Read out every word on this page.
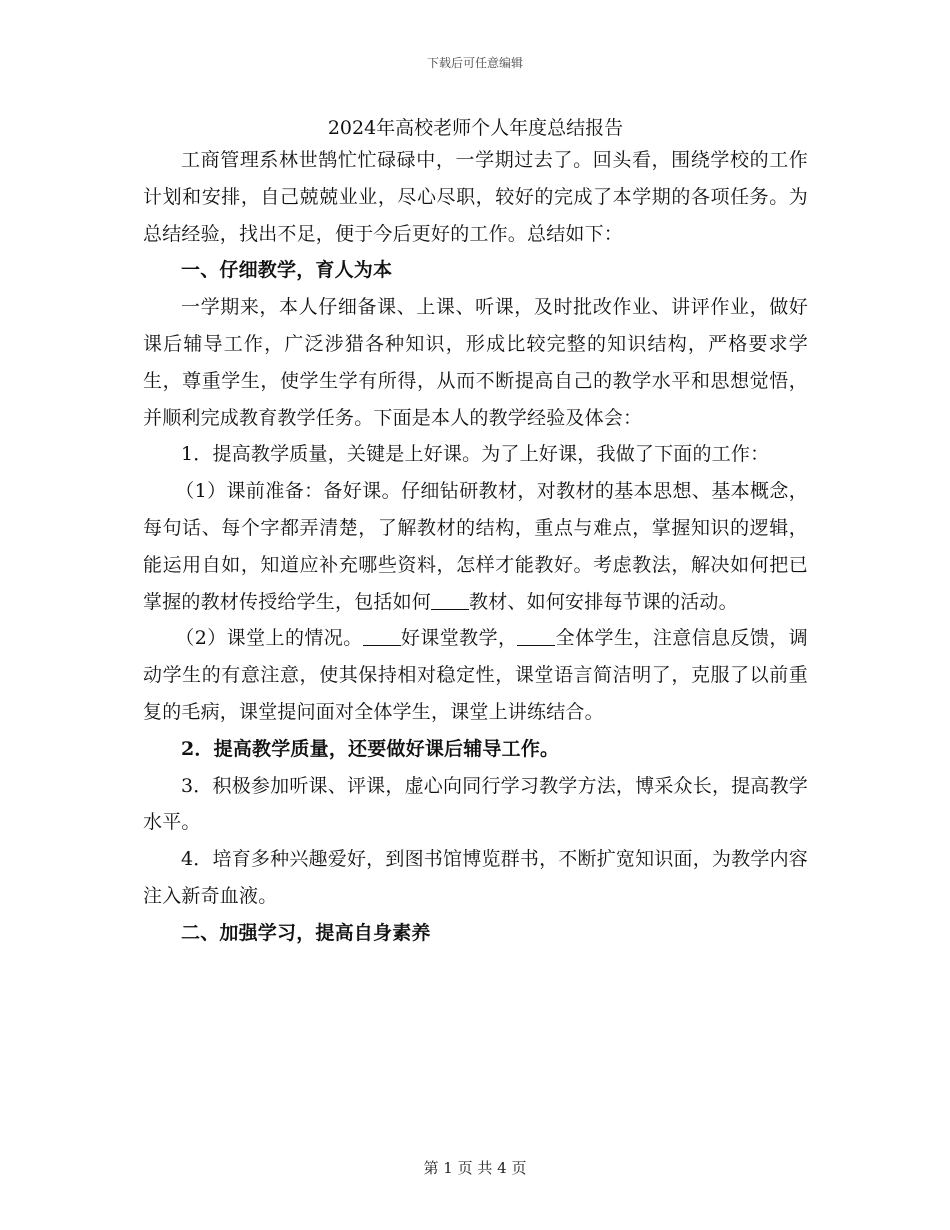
下载后可任意编辑
2024年高校老师个人年度总结报告

工商管理系林世鹄忙忙碌碌中，一学期过去了。回头看，围绕学校的工作计划和安排，自己兢兢业业，尽心尽职，较好的完成了本学期的各项任务。为总结经验，找出不足，便于今后更好的工作。总结如下：

一、仔细教学，育人为本

一学期来，本人仔细备课、上课、听课，及时批改作业、讲评作业，做好课后辅导工作，广泛涉猎各种知识，形成比较完整的知识结构，严格要求学生，尊重学生，使学生学有所得，从而不断提高自己的教学水平和思想觉悟，并顺利完成教育教学任务。下面是本人的教学经验及体会：

1．提高教学质量，关键是上好课。为了上好课，我做了下面的工作：

（1）课前准备：备好课。仔细钻研教材，对教材的基本思想、基本概念，每句话、每个字都弄清楚，了解教材的结构，重点与难点，掌握知识的逻辑，能运用自如，知道应补充哪些资料，怎样才能教好。考虑教法，解决如何把已掌握的教材传授给学生，包括如何 教材、如何安排每节课的活动。

（2）课堂上的情况。 好课堂教学， 全体学生，注意信息反馈，调动学生的有意注意，使其保持相对稳定性，课堂语言简洁明了，克服了以前重复的毛病，课堂提问面对全体学生，课堂上讲练结合。

2．提高教学质量，还要做好课后辅导工作。

3．积极参加听课、评课，虚心向同行学习教学方法，博采众长，提高教学水平。

4．培育多种兴趣爱好，到图书馆博览群书，不断扩宽知识面，为教学内容注入新奇血液。

二、加强学习，提高自身素养

第 1 页 共 4 页
